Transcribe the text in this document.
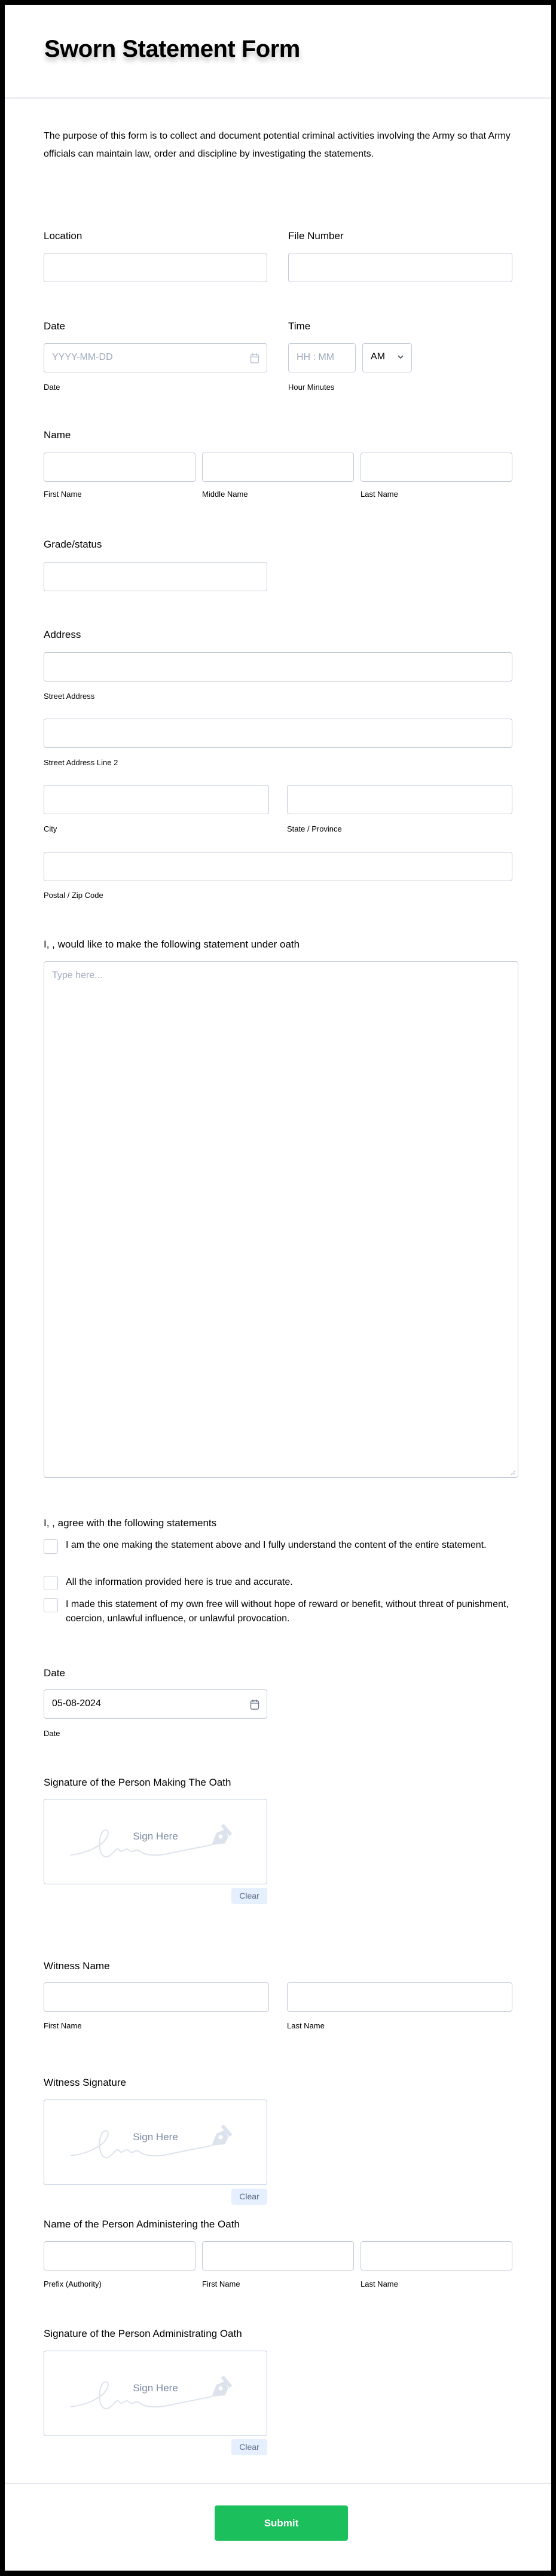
Sworn Statement Form
The purpose of this form is to collect and document potential criminal activities involving the Army so that Army officials can maintain law, order and discipline by investigating the statements.
Location	File Number
Date
YYYY-MM-DD
Date
Time
HH : MM	AM
Hour Minutes
Name
First Name	Middle Name	Last Name
Grade/status
Address
Street Address
Street Address Line 2
City	State / Province
Postal / Zip Code
I, , would like to make the following statement under oath
Type here...
I, , agree with the following statements
I am the one making the statement above and I fully understand the content of the entire statement.
All the information provided here is true and accurate.
I made this statement of my own free will without hope of reward or benefit, without threat of punishment, coercion, unlawful influence, or unlawful provocation.
Date
05-08-2024
Date
Signature of the Person Making The Oath
Sign Here
Clear
Witness Name
First Name	Last Name
Witness Signature
Sign Here
Clear
Name of the Person Administering the Oath
Prefix (Authority)	First Name	Last Name
Signature of the Person Administrating Oath
Sign Here
Clear
Submit
